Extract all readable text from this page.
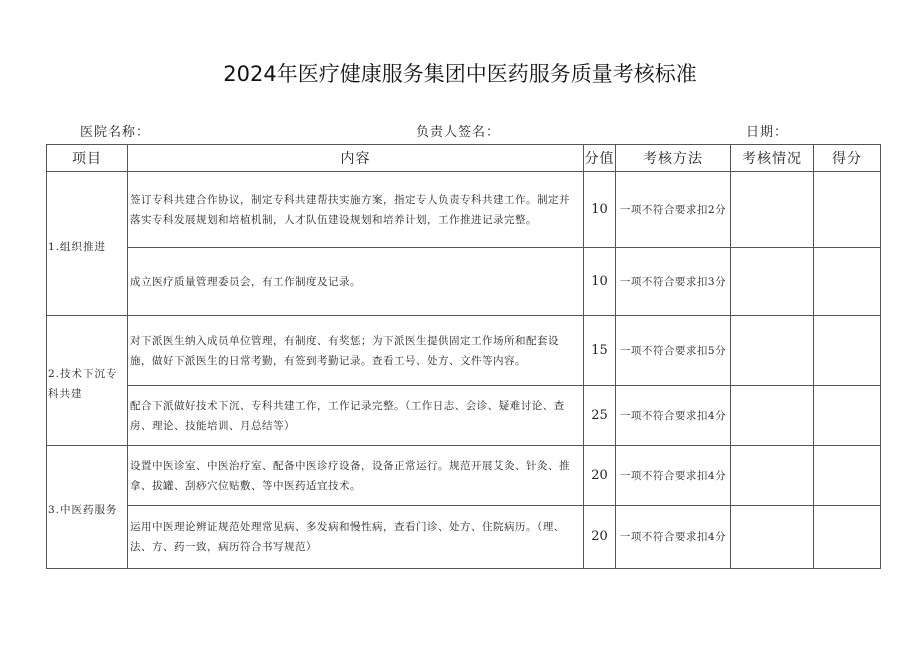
2024年医疗健康服务集团中医药服务质量考核标准
医院名称：	负责人签名：	日期：
项目	内容	分值	考核方法	考核情况	得分
1.组织推进	签订专科共建合作协议，制定专科共建帮扶实施方案，指定专人负责专科共建工作。制定并落实专科发展规划和培植机制，人才队伍建设规划和培养计划，工作推进记录完整。	10	一项不符合要求扣2分		
	成立医疗质量管理委员会，有工作制度及记录。	10	一项不符合要求扣3分		
2.技术下沉专科共建	对下派医生纳入成员单位管理，有制度、有奖惩；为下派医生提供固定工作场所和配套设施，做好下派医生的日常考勤，有签到考勤记录。查看工号、处方、文件等内容。	15	一项不符合要求扣5分		
	配合下派做好技术下沉、专科共建工作，工作记录完整。（工作日志、会诊、疑难讨论、查房、理论、技能培训、月总结等）	25	一项不符合要求扣4分		
3.中医药服务	设置中医诊室、中医治疗室、配备中医诊疗设备，设备正常运行。规范开展艾灸、针灸、推拿、拔罐、刮痧穴位贴敷、等中医药适宜技术。	20	一项不符合要求扣4分		
	运用中医理论辨证规范处理常见病、多发病和慢性病，查看门诊、处方、住院病历。（理、法、方、药一致，病历符合书写规范）	20	一项不符合要求扣4分		
